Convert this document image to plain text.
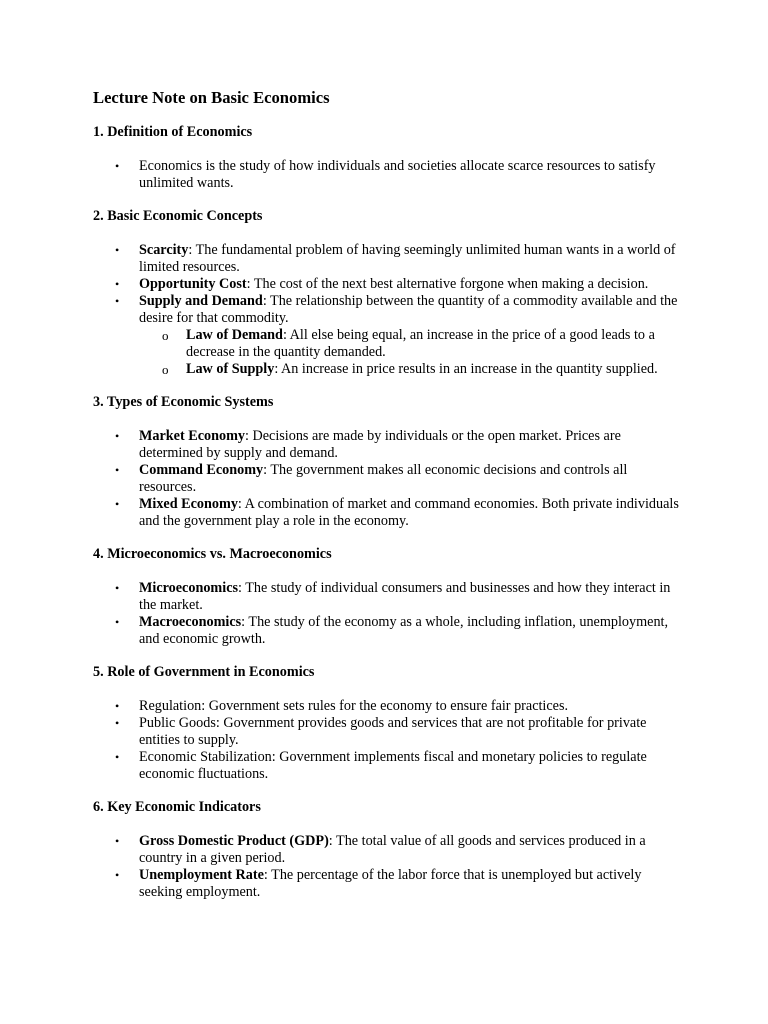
Lecture Note on Basic Economics
1. Definition of Economics
• Economics is the study of how individuals and societies allocate scarce resources to satisfy unlimited wants.
2. Basic Economic Concepts
• Scarcity: The fundamental problem of having seemingly unlimited human wants in a world of limited resources.
• Opportunity Cost: The cost of the next best alternative forgone when making a decision.
• Supply and Demand: The relationship between the quantity of a commodity available and the desire for that commodity.
o Law of Demand: All else being equal, an increase in the price of a good leads to a decrease in the quantity demanded.
o Law of Supply: An increase in price results in an increase in the quantity supplied.
3. Types of Economic Systems
• Market Economy: Decisions are made by individuals or the open market. Prices are determined by supply and demand.
• Command Economy: The government makes all economic decisions and controls all resources.
• Mixed Economy: A combination of market and command economies. Both private individuals and the government play a role in the economy.
4. Microeconomics vs. Macroeconomics
• Microeconomics: The study of individual consumers and businesses and how they interact in the market.
• Macroeconomics: The study of the economy as a whole, including inflation, unemployment, and economic growth.
5. Role of Government in Economics
• Regulation: Government sets rules for the economy to ensure fair practices.
• Public Goods: Government provides goods and services that are not profitable for private entities to supply.
• Economic Stabilization: Government implements fiscal and monetary policies to regulate economic fluctuations.
6. Key Economic Indicators
• Gross Domestic Product (GDP): The total value of all goods and services produced in a country in a given period.
• Unemployment Rate: The percentage of the labor force that is unemployed but actively seeking employment.
